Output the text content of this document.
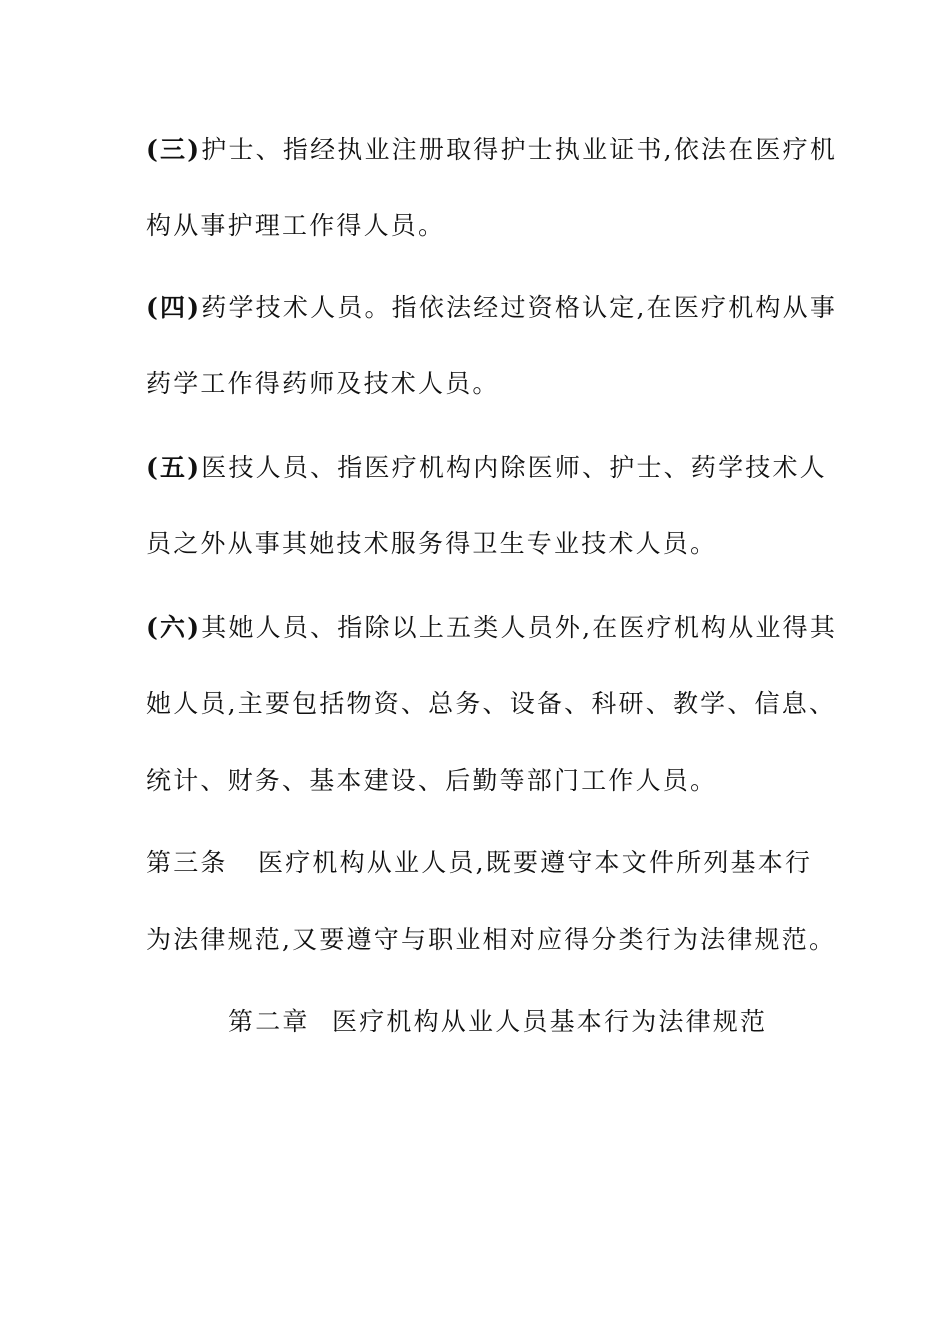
(三)护士、指经执业注册取得护士执业证书,依法在医疗机
构从事护理工作得人员。
(四)药学技术人员。指依法经过资格认定,在医疗机构从事
药学工作得药师及技术人员。
(五)医技人员、指医疗机构内除医师、护士、药学技术人
员之外从事其她技术服务得卫生专业技术人员。
(六)其她人员、指除以上五类人员外,在医疗机构从业得其
她人员,主要包括物资、总务、设备、科研、教学、信息、
统计、财务、基本建设、后勤等部门工作人员。
第三条 医疗机构从业人员,既要遵守本文件所列基本行
为法律规范,又要遵守与职业相对应得分类行为法律规范。
第二章 医疗机构从业人员基本行为法律规范
